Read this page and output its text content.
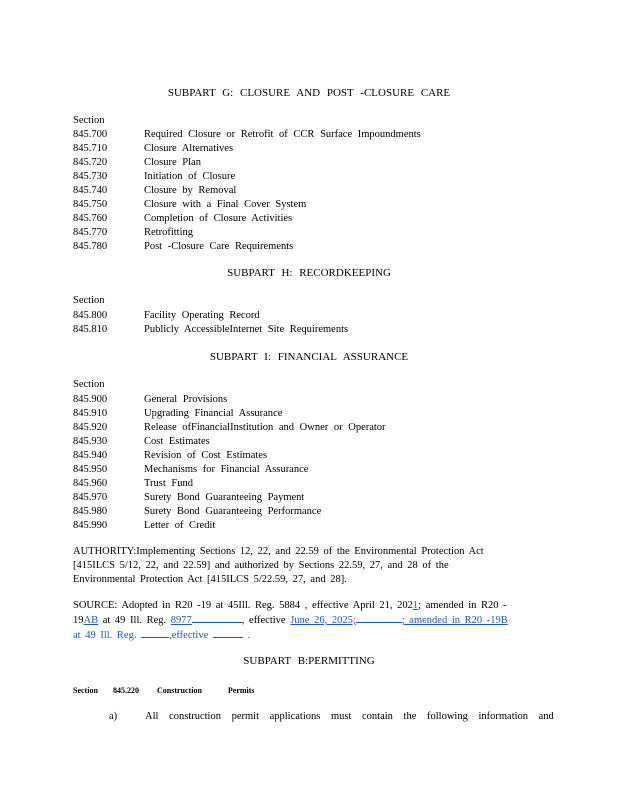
SUBPART G: CLOSURE AND POST -CLOSURE CARE
Section
845.700	Required Closure or Retrofit of CCR Surface Impoundments
845.710	Closure Alternatives
845.720	Closure Plan
845.730	Initiation of Closure
845.740	Closure by Removal
845.750	Closure with a Final Cover System
845.760	Completion of Closure Activities
845.770	Retrofitting
845.780	Post -Closure Care Requirements
SUBPART H: RECORDKEEPING
Section
845.800	Facility Operating Record
845.810	Publicly AccessibleInternet Site Requirements
SUBPART I: FINANCIAL ASSURANCE
Section
845.900	General Provisions
845.910	Upgrading Financial Assurance
845.920	Release ofFinancialInstitution and Owner or Operator
845.930	Cost Estimates
845.940	Revision of Cost Estimates
845.950	Mechanisms for Financial Assurance
845.960	Trust Fund
845.970	Surety Bond Guaranteeing Payment
845.980	Surety Bond Guaranteeing Performance
845.990	Letter of Credit
AUTHORITY:Implementing Sections 12, 22, and 22.59 of the Environmental Protection Act
[415ILCS 5/12, 22, and 22.59] and authorized by Sections 22.59, 27, and 28 of the
Environmental Protection Act [415ILCS 5/22.59, 27, and 28].
SOURCE: Adopted in R20 -19 at 45Ill. Reg. 5884 , effective April 21, 2021; amended in R20 -
19AB at 49 Ill. Reg. 8977	, effective June 26, 2025;	; amended in R20 -19B
at 49 Ill. Reg.	,effective	.
SUBPART B:PERMITTING
Section 845.220 Construction Permits
a)	All construction permit applications must contain the following information and
